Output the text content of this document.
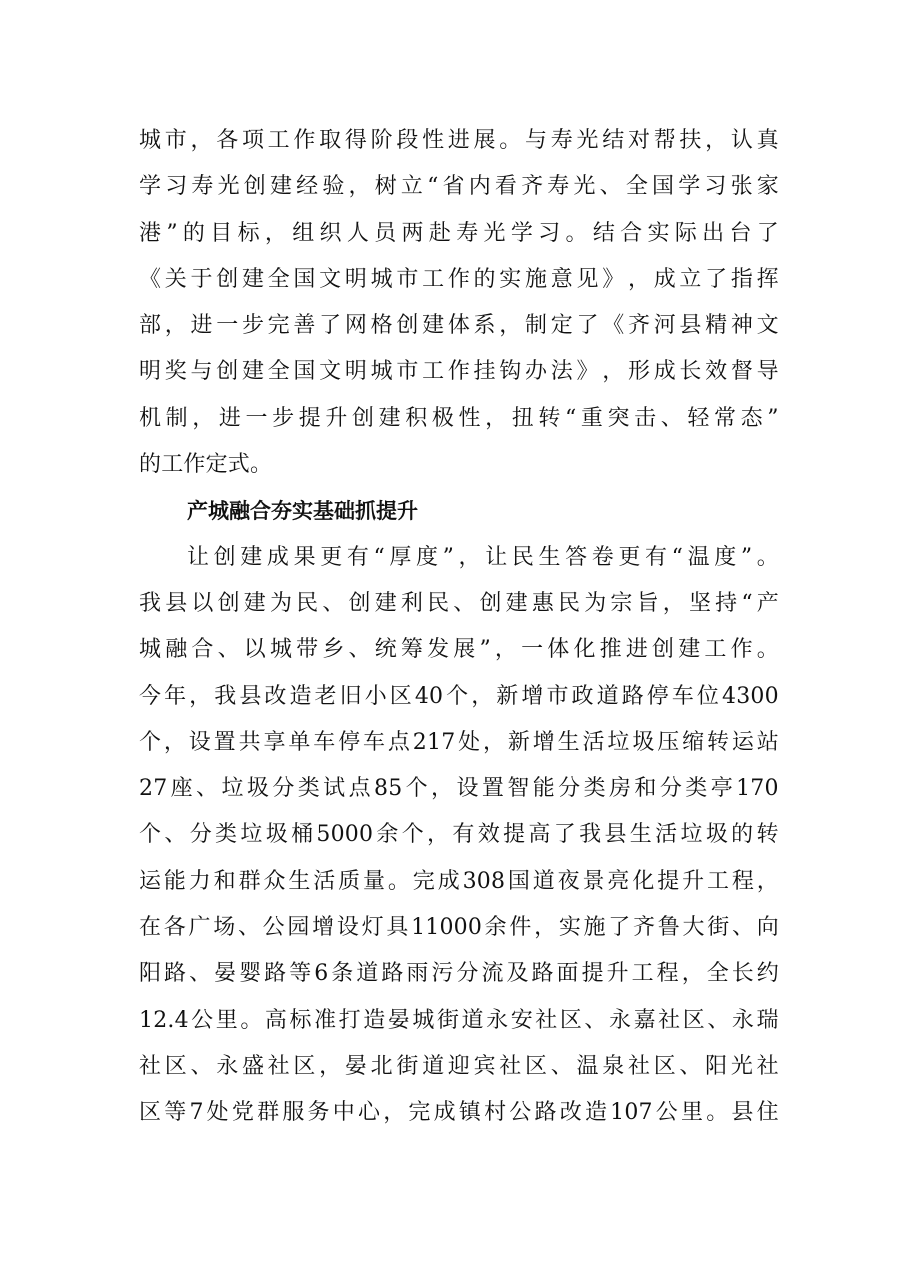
城 市 ， 各 项 工 作 取 得 阶 段 性 进 展 。 与 寿 光 结 对 帮 扶 ， 认 真
学 习 寿 光 创 建 经 验 ， 树 立 “ 省 内 看 齐 寿 光 、 全 国 学 习 张 家
港 ” 的 目 标 ， 组 织 人 员 两 赴 寿 光 学 习 。 结 合 实 际 出 台 了
《 关 于 创 建 全 国 文 明 城 市 工 作 的 实 施 意 见 》 ， 成 立 了 指 挥
部 ， 进 一 步 完 善 了 网 格 创 建 体 系 ， 制 定 了 《 齐 河 县 精 神 文
明 奖 与 创 建 全 国 文 明 城 市 工 作 挂 钩 办 法 》 ， 形 成 长 效 督 导
机 制 ， 进 一 步 提 升 创 建 积 极 性 ， 扭 转 “ 重 突 击 、 轻 常 态 ”
的工作定式。
产城融合夯实基础抓提升
让 创 建 成 果 更 有 “ 厚 度 ” ， 让 民 生 答 卷 更 有 “ 温 度 ” 。
我 县 以 创 建 为 民 、 创 建 利 民 、 创 建 惠 民 为 宗 旨 ， 坚 持 “ 产
城 融 合 、 以 城 带 乡 、 统 筹 发 展 ” ， 一 体 化 推 进 创 建 工 作 。
今 年 ， 我 县 改 造 老 旧 小 区 40 个 ， 新 增 市 政 道 路 停 车 位 4300
个 ， 设 置 共 享 单 车 停 车 点 217 处 ， 新 增 生 活 垃 圾 压 缩 转 运 站
27 座 、 垃 圾 分 类 试 点 85 个 ， 设 置 智 能 分 类 房 和 分 类 亭 170
个 、 分 类 垃 圾 桶 5000 余 个 ， 有 效 提 高 了 我 县 生 活 垃 圾 的 转
运 能 力 和 群 众 生 活 质 量 。 完 成 308 国 道 夜 景 亮 化 提 升 工 程 ，
在 各 广 场 、 公 园 增 设 灯 具 11000 余 件 ， 实 施 了 齐 鲁 大 街 、 向
阳 路 、 晏 婴 路 等 6 条 道 路 雨 污 分 流 及 路 面 提 升 工 程 ， 全 长 约
12.4 公 里 。 高 标 准 打 造 晏 城 街 道 永 安 社 区 、 永 嘉 社 区 、 永 瑞
社 区 、 永 盛 社 区 ， 晏 北 街 道 迎 宾 社 区 、 温 泉 社 区 、 阳 光 社
区 等 7 处 党 群 服 务 中 心 ， 完 成 镇 村 公 路 改 造 107 公 里 。 县 住
